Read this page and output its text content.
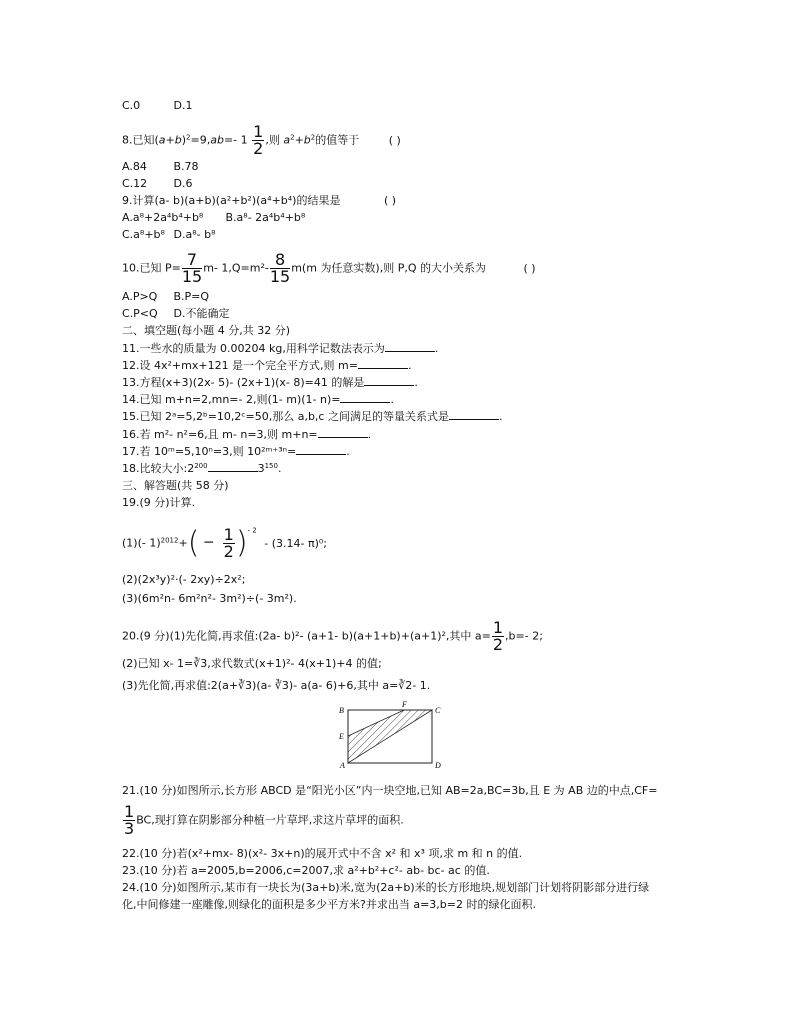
C.0	D.1
8.已知$(a+b)^2=9,ab=-$ $1 \frac{1}{2}$ ,则 $a^2+b^2$的值等于	( )
A.84 B.78
C.12 D.6
9.计算(a- b)(a+b)(a²+b²)(a⁴+b⁴)的结果是	( )
A.a⁸+2a⁴b⁴+b⁸ B.a⁸- 2a⁴b⁴+b⁸
C.a⁸+b⁸ D.a⁸- b⁸
10.已知 $P= \frac{7}{15} m-$ $1,Q=m^2- \frac{8}{15} m(m$ 为任意实数),则 P,Q 的大小关系为	( )
A.P>Q B.P=Q
C.P<Q D.不能确定
二、填空题(每小题 4 分,共 32 分)
11.一些水的质量为 0.00204 kg,用科学记数法表示为	.
12.设 4x²+mx+121 是一个完全平方式,则 m=	.
13.方程(x+3)(2x- 5)- (2x+1)(x- 8)=41 的解是	.
14.已知 m+n=2,mn=- 2,则(1- m)(1- n)=	.
15.已知 2ᵃ=5,2ᵇ=10,2ᶜ=50,那么 a,b,c 之间满足的等量关系式是	.
16.若 m²- n²=6,且 m- n=3,则 m+n=	.
17.若 10ᵐ=5,10ⁿ=3,则 10²ᵐ⁺³ⁿ=	.
18.比较大小$:2^{200}$	$3^{150}$.
三、解答题(共 58 分)
19.(9 分)计算.
(1)(- $1)^{2012}+( - \frac{1}{2} )^{- 2} - (3.14-$ π)⁰;
(2)(2x³y)²·(- 2xy)÷2x²;
(3)(6m²n- 6m²n²- 3m²)÷(- 3m²).
20.(9 分)(1)先化简,再求值:(2a- b)²- (a+1- b)(a+1+b)+(a+1)²,其中 $a= \frac{1}{2} ,b=-$ 2;
(2)已知 x- 1=∛3,求代数式(x+1)²- 4(x+1)+4 的值;
(3)先化简,再求值:2(a+∛3)(a- ∛3)- a(a- 6)+6,其中 a=∛2- 1.
B
F
C
E
A	D
21.(10 分)如图所示,长方形 ABCD 是“阳光小区”内一块空地,已知 AB=2a,BC=3b,且 E 为 AB 边的中点,CF=
$\frac{1}{3}$ BC,现打算在阴影部分种植一片草坪,求这片草坪的面积.
22.(10 分)若(x²+mx- 8)(x²- 3x+n)的展开式中不含 x² 和 x³ 项,求 m 和 n 的值.
23.(10 分)若 a=2005,b=2006,c=2007,求 a²+b²+c²- ab- bc- ac 的值.
24.(10 分)如图所示,某市有一块长为(3a+b)米,宽为(2a+b)米的长方形地块,规划部门计划将阴影部分进行绿
化,中间修建一座雕像,则绿化的面积是多少平方米?并求出当 a=3,b=2 时的绿化面积.
